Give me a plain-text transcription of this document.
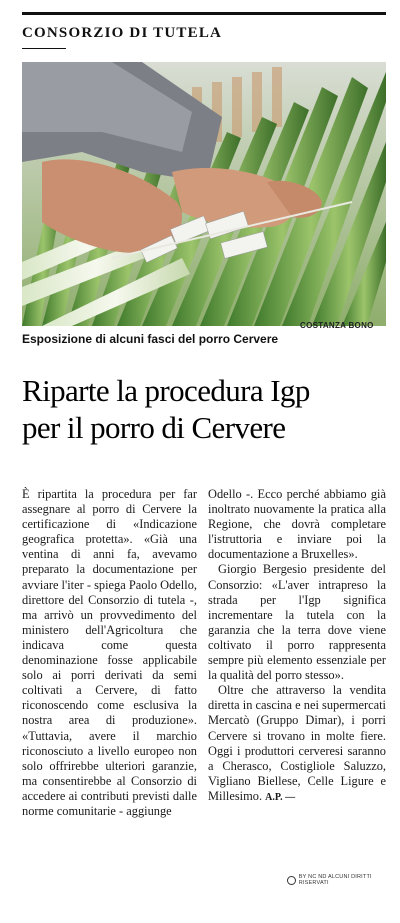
CONSORZIO DI TUTELA
COSTANZA BONO
Esposizione di alcuni fasci del porro Cervere
Riparte la procedura Igp
per il porro di Cervere

È ripartita la procedura per far assegnare al porro di Cervere la certificazione di «Indicazione geografica protetta». «Già una ventina di anni fa, avevamo preparato la documentazione per avviare l'iter - spiega Paolo Odello, direttore del Consorzio di tutela -, ma arrivò un provvedimento del ministero dell'Agricoltura che indicava come questa denominazione fosse applicabile solo ai porri derivati da semi coltivati a Cervere, di fatto riconoscendo come esclusiva la nostra area di produzione». «Tuttavia, avere il marchio riconosciuto a livello europeo non solo offrirebbe ulteriori garanzie, ma consentirebbe al Consorzio di accedere ai contributi previsti dalle norme comunitarie - aggiunge

Odello -. Ecco perché abbiamo già inoltrato nuovamente la pratica alla Regione, che dovrà completare l'istruttoria e inviare poi la documentazione a Bruxelles».

Giorgio Bergesio presidente del Consorzio: «L'aver intrapreso la strada per l'Igp significa incrementare la tutela con la garanzia che la terra dove viene coltivato il porro rappresenta sempre più elemento essenziale per la qualità del porro stesso».

Oltre che attraverso la vendita diretta in cascina e nei supermercati Mercatò (Gruppo Dimar), i porri Cervere si trovano in molte fiere. Oggi i produttori cerveresi saranno a Cherasco, Costigliole Saluzzo, Vigliano Biellese, Celle Ligure e Millesimo. A.P. —

BY NC ND ALCUNI DIRITTI RISERVATI
